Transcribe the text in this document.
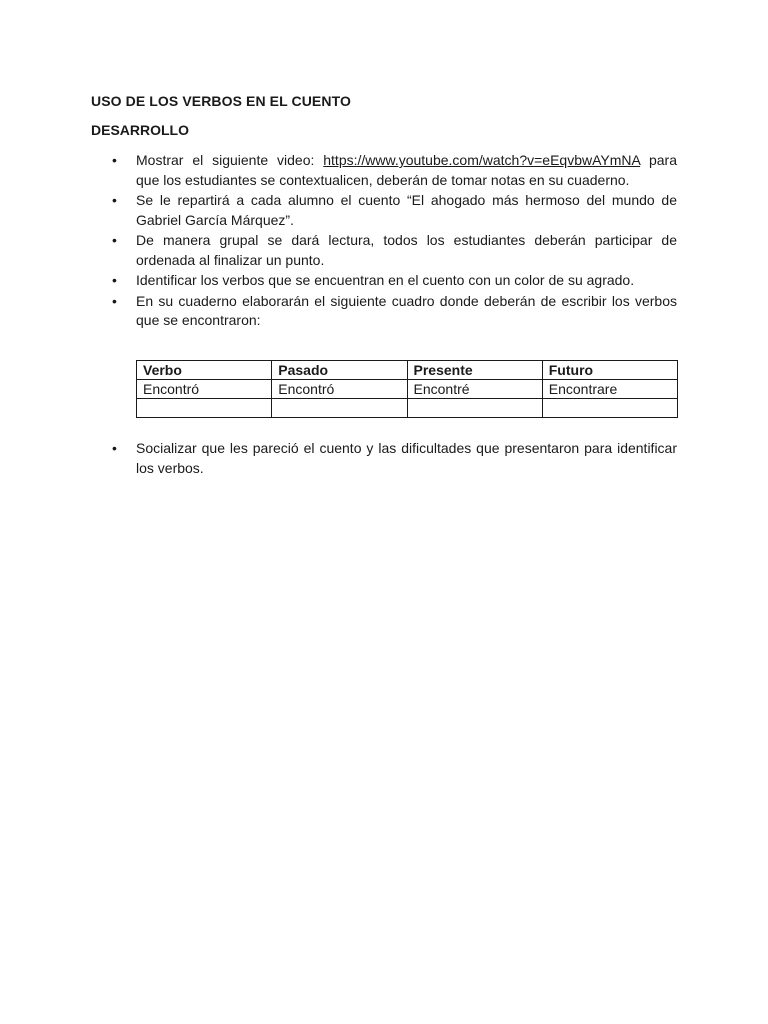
USO DE LOS VERBOS EN EL CUENTO
DESARROLLO
• Mostrar el siguiente video: https://www.youtube.com/watch?v=eEqvbwAYmNA para que los estudiantes se contextualicen, deberán de tomar notas en su cuaderno.
• Se le repartirá a cada alumno el cuento “El ahogado más hermoso del mundo de Gabriel García Márquez”.
• De manera grupal se dará lectura, todos los estudiantes deberán participar de ordenada al finalizar un punto.
• Identificar los verbos que se encuentran en el cuento con un color de su agrado.
• En su cuaderno elaborarán el siguiente cuadro donde deberán de escribir los verbos que se encontraron:
Verbo	Pasado	Presente	Futuro
Encontró	Encontró	Encontré	Encontrare

• Socializar que les pareció el cuento y las dificultades que presentaron para identificar los verbos.
